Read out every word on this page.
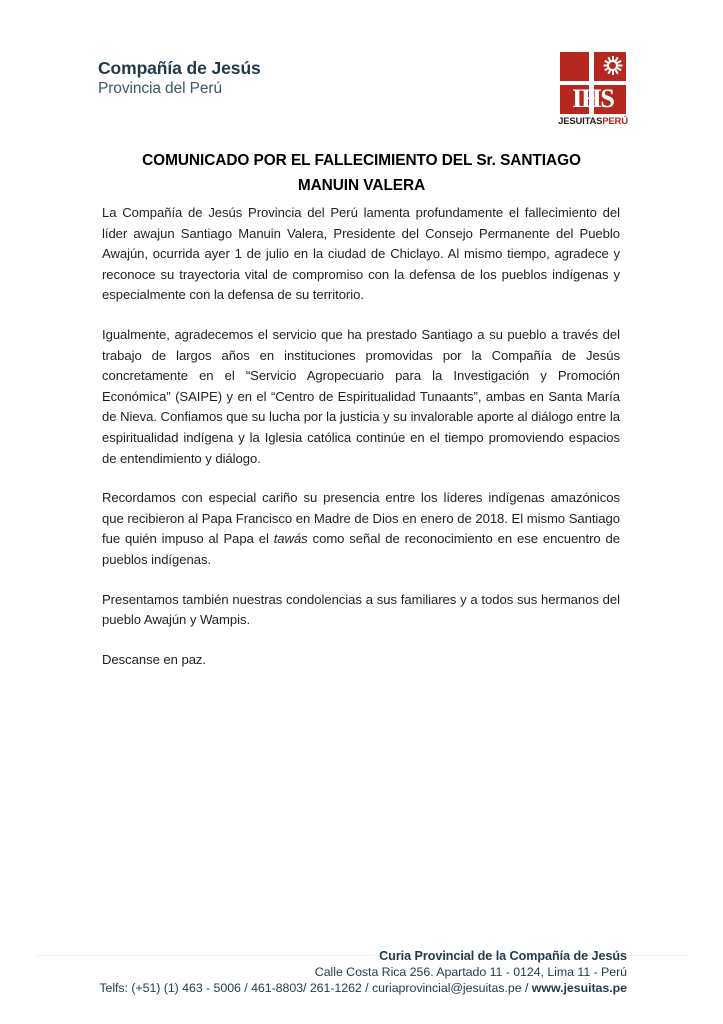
Compañía de Jesús
Provincia del Perú	IHS
JESUITASPERÚ
COMUNICADO POR EL FALLECIMIENTO DEL Sr. SANTIAGO
MANUIN VALERA

La Compañía de Jesús Provincia del Perú lamenta profundamente el fallecimiento del líder awajun Santiago Manuin Valera, Presidente del Consejo Permanente del Pueblo Awajún, ocurrida ayer 1 de julio en la ciudad de Chiclayo. Al mismo tiempo, agradece y reconoce su trayectoria vital de compromiso con la defensa de los pueblos indígenas y especialmente con la defensa de su territorio.

Igualmente, agradecemos el servicio que ha prestado Santiago a su pueblo a través del trabajo de largos años en instituciones promovidas por la Compañía de Jesús concretamente en el “Servicio Agropecuario para la Investigación y Promoción Económica” (SAIPE) y en el “Centro de Espiritualidad Tunaants”, ambas en Santa María de Nieva. Confiamos que su lucha por la justicia y su invalorable aporte al diálogo entre la espiritualidad indígena y la Iglesia católica continúe en el tiempo promoviendo espacios de entendimiento y diálogo.

Recordamos con especial cariño su presencia entre los líderes indígenas amazónicos que recibieron al Papa Francisco en Madre de Dios en enero de 2018. El mismo Santiago fue quién impuso al Papa el tawás como señal de reconocimiento en ese encuentro de pueblos indígenas.

Presentamos también nuestras condolencias a sus familiares y a todos sus hermanos del pueblo Awajún y Wampis.

Descanse en paz.

Curia Provincial de la Compañía de Jesús
Calle Costa Rica 256. Apartado 11 - 0124, Lima 11 - Perú
Telfs: (+51) (1) 463 - 5006 / 461-8803/ 261-1262 / curiaprovincial@jesuitas.pe / www.jesuitas.pe
